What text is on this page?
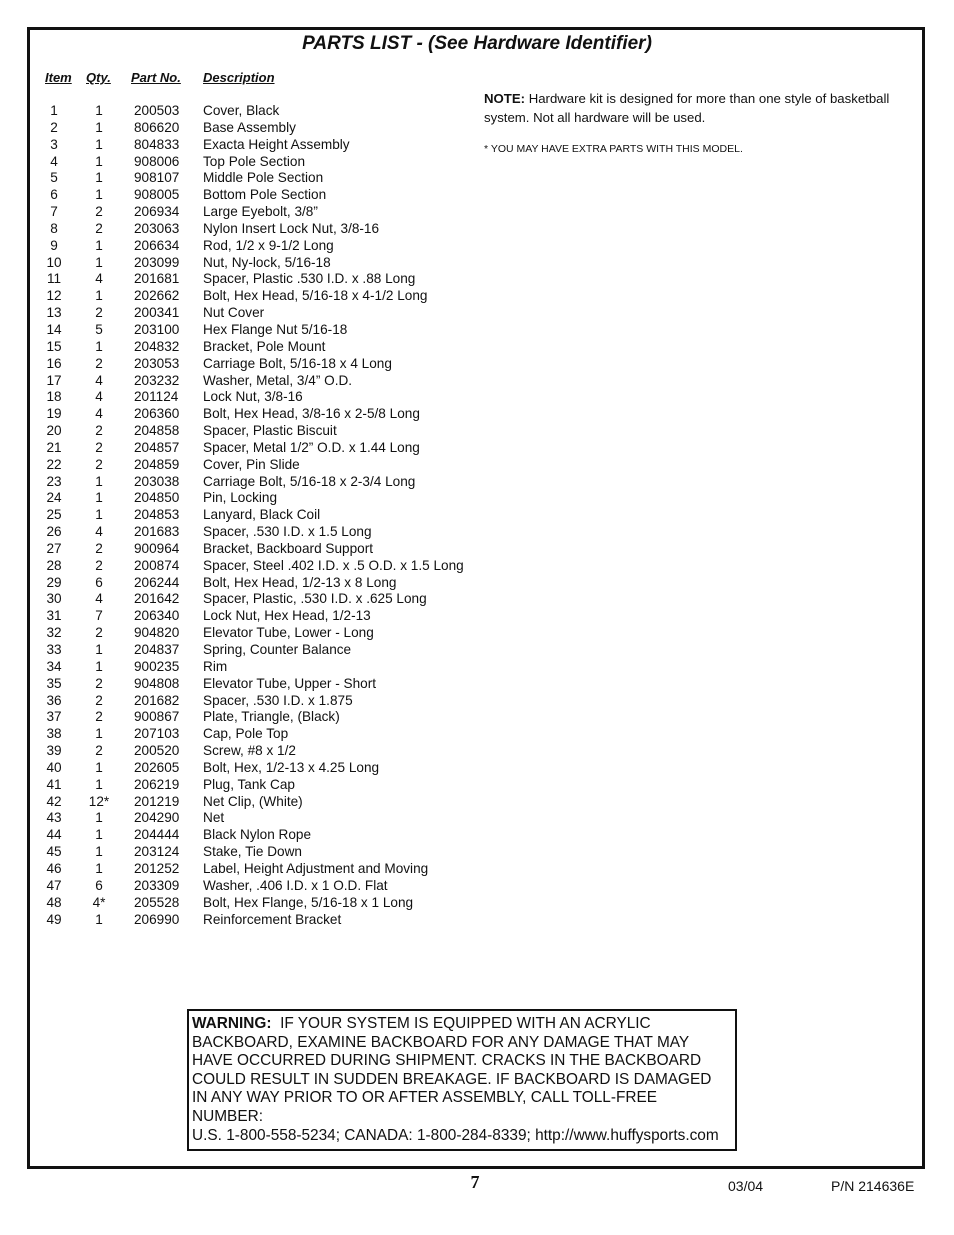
PARTS LIST - (See Hardware Identifier)
Item Qty. Part No. Description
1	1	200503 Cover, Black
2	1	806620 Base Assembly
3	1	804833 Exacta Height Assembly
4	1	908006 Top Pole Section
5	1	908107 Middle Pole Section
6	1	908005 Bottom Pole Section
7	2	206934 Large Eyebolt, 3/8”
8	2	203063 Nylon Insert Lock Nut, 3/8-16
9	1	206634 Rod, 1/2 x 9-1/2 Long
10	1	203099 Nut, Ny-lock, 5/16-18
11	4	201681 Spacer, Plastic .530 I.D. x .88 Long
12	1	202662 Bolt, Hex Head, 5/16-18 x 4-1/2 Long
13	2	200341 Nut Cover
14	5	203100 Hex Flange Nut 5/16-18
15	1	204832 Bracket, Pole Mount
16	2	203053 Carriage Bolt, 5/16-18 x 4 Long
17	4	203232 Washer, Metal, 3/4” O.D.
18	4	201124 Lock Nut, 3/8-16
19	4	206360 Bolt, Hex Head, 3/8-16 x 2-5/8 Long
20	2	204858 Spacer, Plastic Biscuit
21	2	204857 Spacer, Metal 1/2” O.D. x 1.44 Long
22	2	204859 Cover, Pin Slide
23	1	203038 Carriage Bolt, 5/16-18 x 2-3/4 Long
24	1	204850 Pin, Locking
25	1	204853 Lanyard, Black Coil
26	4	201683 Spacer, .530 I.D. x 1.5 Long
27	2	900964 Bracket, Backboard Support
28	2	200874 Spacer, Steel .402 I.D. x .5 O.D. x 1.5 Long
29	6	206244 Bolt, Hex Head, 1/2-13 x 8 Long
30	4	201642 Spacer, Plastic, .530 I.D. x .625 Long
31	7	206340 Lock Nut, Hex Head, 1/2-13
32	2	904820 Elevator Tube, Lower - Long
33	1	204837 Spring, Counter Balance
34	1	900235 Rim
35	2	904808 Elevator Tube, Upper - Short
36	2	201682 Spacer, .530 I.D. x 1.875
37	2	900867 Plate, Triangle, (Black)
38	1	207103 Cap, Pole Top
39	2	200520 Screw, #8 x 1/2
40	1	202605 Bolt, Hex, 1/2-13 x 4.25 Long
41	1	206219 Plug, Tank Cap
42	12*	201219 Net Clip, (White)
43	1	204290 Net
44	1	204444 Black Nylon Rope
45	1	203124 Stake, Tie Down
46	1	201252 Label, Height Adjustment and Moving
47	6	203309 Washer, .406 I.D. x 1 O.D. Flat
48	4*	205528 Bolt, Hex Flange, 5/16-18 x 1 Long
49	1	206990 Reinforcement Bracket
NOTE: Hardware kit is designed for more than one style of basketball system. Not all hardware will be used.
* YOU MAY HAVE EXTRA PARTS WITH THIS MODEL.

WARNING: IF YOUR SYSTEM IS EQUIPPED WITH AN ACRYLIC

BACKBOARD, EXAMINE BACKBOARD FOR ANY DAMAGE THAT MAY

HAVE OCCURRED DURING SHIPMENT. CRACKS IN THE BACKBOARD

COULD RESULT IN SUDDEN BREAKAGE. IF BACKBOARD IS DAMAGED

IN ANY WAY PRIOR TO OR AFTER ASSEMBLY, CALL TOLL-FREE

NUMBER:

U.S. 1-800-558-5234; CANADA: 1-800-284-8339; http://www.huffysports.com

7	03/04	P/N 214636E
